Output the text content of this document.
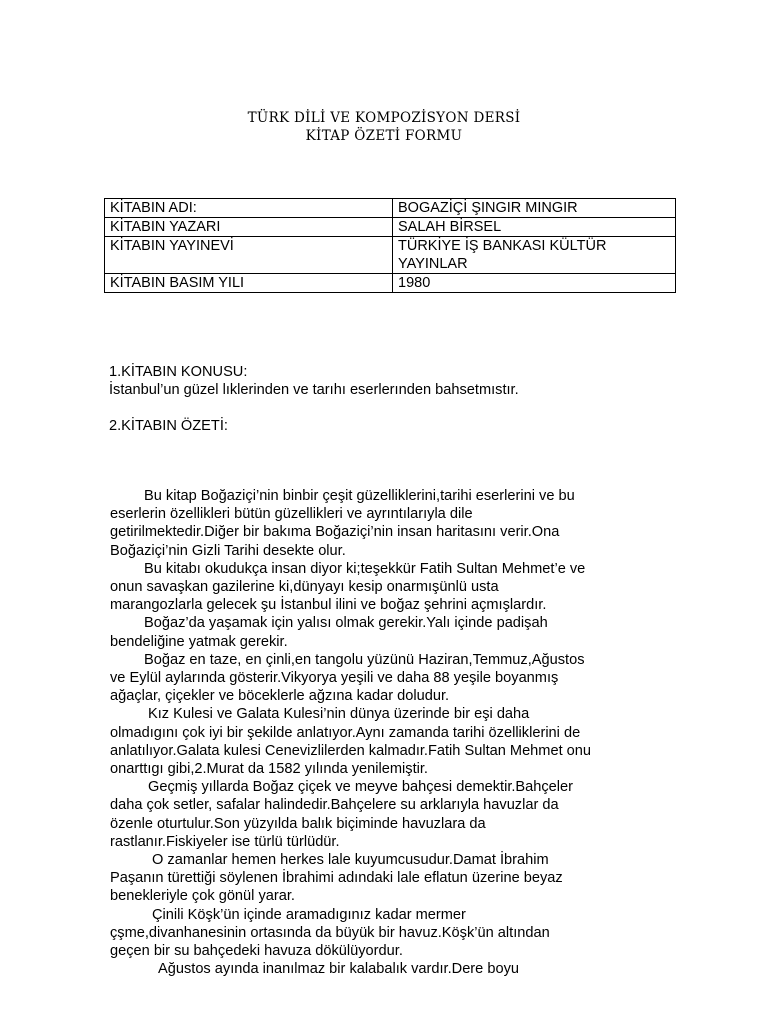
TÜRK DİLİ VE KOMPOZİSYON DERSİ
KİTAP ÖZETİ FORMU
KİTABIN ADI:	BOGAZİÇİ ŞINGIR MINGIR
KİTABIN YAZARI	SALAH BİRSEL
KİTABIN YAYINEVİ	TÜRKİYE İŞ BANKASI KÜLTÜR
YAYINLAR

KİTABIN BASIM YILI	1980
1.KİTABIN KONUSU:
İstanbul’un güzel lıklerinden ve tarıhı eserlerınden bahsetmıstır.
2.KİTABIN ÖZETİ:
Bu kitap Boğaziçi’nin binbir çeşit güzelliklerini,tarihi eserlerini ve bu
eserlerin özellikleri bütün güzellikleri ve ayrıntılarıyla dile
getirilmektedir.Diğer bir bakıma Boğaziçi’nin insan haritasını verir.Ona
Boğaziçi’nin Gizli Tarihi desekte olur.
Bu kitabı okudukça insan diyor ki;teşekkür Fatih Sultan Mehmet’e ve
onun savaşkan gazilerine ki,dünyayı kesip onarmışünlü usta
marangozlarla gelecek şu İstanbul ilini ve boğaz şehrini açmışlardır.
Boğaz’da yaşamak için yalısı olmak gerekir.Yalı içinde padişah
bendeliğine yatmak gerekir.
Boğaz en taze, en çinli,en tangolu yüzünü Haziran,Temmuz,Ağustos
ve Eylül aylarında gösterir.Vikyorya yeşili ve daha 88 yeşile boyanmış
ağaçlar, çiçekler ve böceklerle ağzına kadar doludur.
Kız Kulesi ve Galata Kulesi’nin dünya üzerinde bir eşi daha
olmadıgını çok iyi bir şekilde anlatıyor.Aynı zamanda tarihi özelliklerini de
anlatılıyor.Galata kulesi Cenevizlilerden kalmadır.Fatih Sultan Mehmet onu
onarttıgı gibi,2.Murat da 1582 yılında yenilemiştir.
Geçmiş yıllarda Boğaz çiçek ve meyve bahçesi demektir.Bahçeler
daha çok setler, safalar halindedir.Bahçelere su arklarıyla havuzlar da
özenle oturtulur.Son yüzyılda balık biçiminde havuzlara da
rastlanır.Fiskiyeler ise türlü türlüdür.
O zamanlar hemen herkes lale kuyumcusudur.Damat İbrahim
Paşanın türettiği söylenen İbrahimi adındaki lale eflatun üzerine beyaz
benekleriyle çok gönül yarar.
Çinili Köşk’ün içinde aramadıgınız kadar mermer
çşme,divanhanesinin ortasında da büyük bir havuz.Köşk’ün altından
geçen bir su bahçedeki havuza dökülüyordur.
Ağustos ayında inanılmaz bir kalabalık vardır.Dere boyu
